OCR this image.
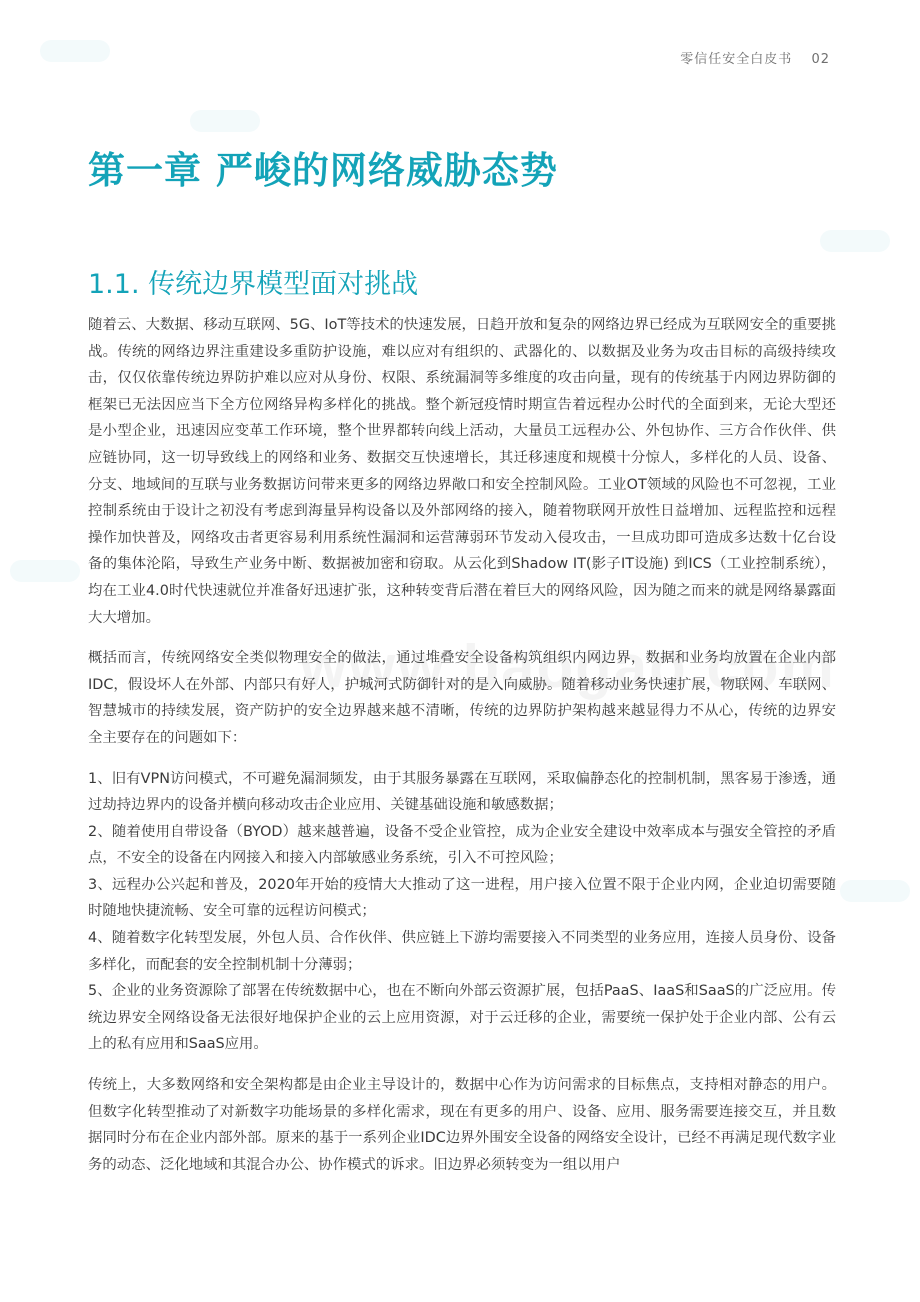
零信任安全白皮书 02
第一章 严峻的网络威胁态势
1.1. 传统边界模型面对挑战

随着云、大数据、移动互联网、5G、IoT等技术的快速发展，日趋开放和复杂的网络边界已经成为互联网安全的重要挑战。传统的网络边界注重建设多重防护设施，难以应对有组织的、武器化的、以数据及业务为攻击目标的高级持续攻击，仅仅依靠传统边界防护难以应对从身份、权限、系统漏洞等多维度的攻击向量，现有的传统基于内网边界防御的框架已无法因应当下全方位网络异构多样化的挑战。整个新冠疫情时期宣告着远程办公时代的全面到来，无论大型还是小型企业，迅速因应变革工作环境，整个世界都转向线上活动，大量员工远程办公、外包协作、三方合作伙伴、供应链协同，这一切导致线上的网络和业务、数据交互快速增长，其迁移速度和规模十分惊人，多样化的人员、设备、分支、地域间的互联与业务数据访问带来更多的网络边界敞口和安全控制风险。工业OT领域的风险也不可忽视，工业控制系统由于设计之初没有考虑到海量异构设备以及外部网络的接入，随着物联网开放性日益增加、远程监控和远程操作加快普及，网络攻击者更容易利用系统性漏洞和运营薄弱环节发动入侵攻击，一旦成功即可造成多达数十亿台设备的集体沦陷，导致生产业务中断、数据被加密和窃取。从云化到Shadow IT(影子IT设施) 到ICS（工业控制系统），均在工业4.0时代快速就位并准备好迅速扩张，这种转变背后潜在着巨大的网络风险，因为随之而来的就是网络暴露面大大增加。

概括而言，传统网络安全类似物理安全的做法，通过堆叠安全设备构筑组织内网边界，数据和业务均放置在企业内部IDC，假设坏人在外部、内部只有好人，护城河式防御针对的是入向威胁。随着移动业务快速扩展，物联网、车联网、智慧城市的持续发展，资产防护的安全边界越来越不清晰，传统的边界防护架构越来越显得力不从心，传统的边界安全主要存在的问题如下：

1、旧有VPN访问模式，不可避免漏洞频发，由于其服务暴露在互联网，采取偏静态化的控制机制，黑客易于渗透，通过劫持边界内的设备并横向移动攻击企业应用、关键基础设施和敏感数据；

2、随着使用自带设备（BYOD）越来越普遍，设备不受企业管控，成为企业安全建设中效率成本与强安全管控的矛盾点，不安全的设备在内网接入和接入内部敏感业务系统，引入不可控风险；

3、远程办公兴起和普及，2020年开始的疫情大大推动了这一进程，用户接入位置不限于企业内网，企业迫切需要随时随地快捷流畅、安全可靠的远程访问模式；

4、随着数字化转型发展，外包人员、合作伙伴、供应链上下游均需要接入不同类型的业务应用，连接人员身份、设备多样化，而配套的安全控制机制十分薄弱；

5、企业的业务资源除了部署在传统数据中心，也在不断向外部云资源扩展，包括PaaS、IaaS和SaaS的广泛应用。传统边界安全网络设备无法很好地保护企业的云上应用资源，对于云迁移的企业，需要统一保护处于企业内部、公有云上的私有应用和SaaS应用。

传统上，大多数网络和安全架构都是由企业主导设计的，数据中心作为访问需求的目标焦点，支持相对静态的用户。但数字化转型推动了对新数字功能场景的多样化需求，现在有更多的用户、设备、应用、服务需要连接交互，并且数据同时分布在企业内部外部。原来的基于一系列企业IDC边界外围安全设备的网络安全设计，已经不再满足现代数字业务的动态、泛化地域和其混合办公、协作模式的诉求。旧边界必须转变为一组以用户
